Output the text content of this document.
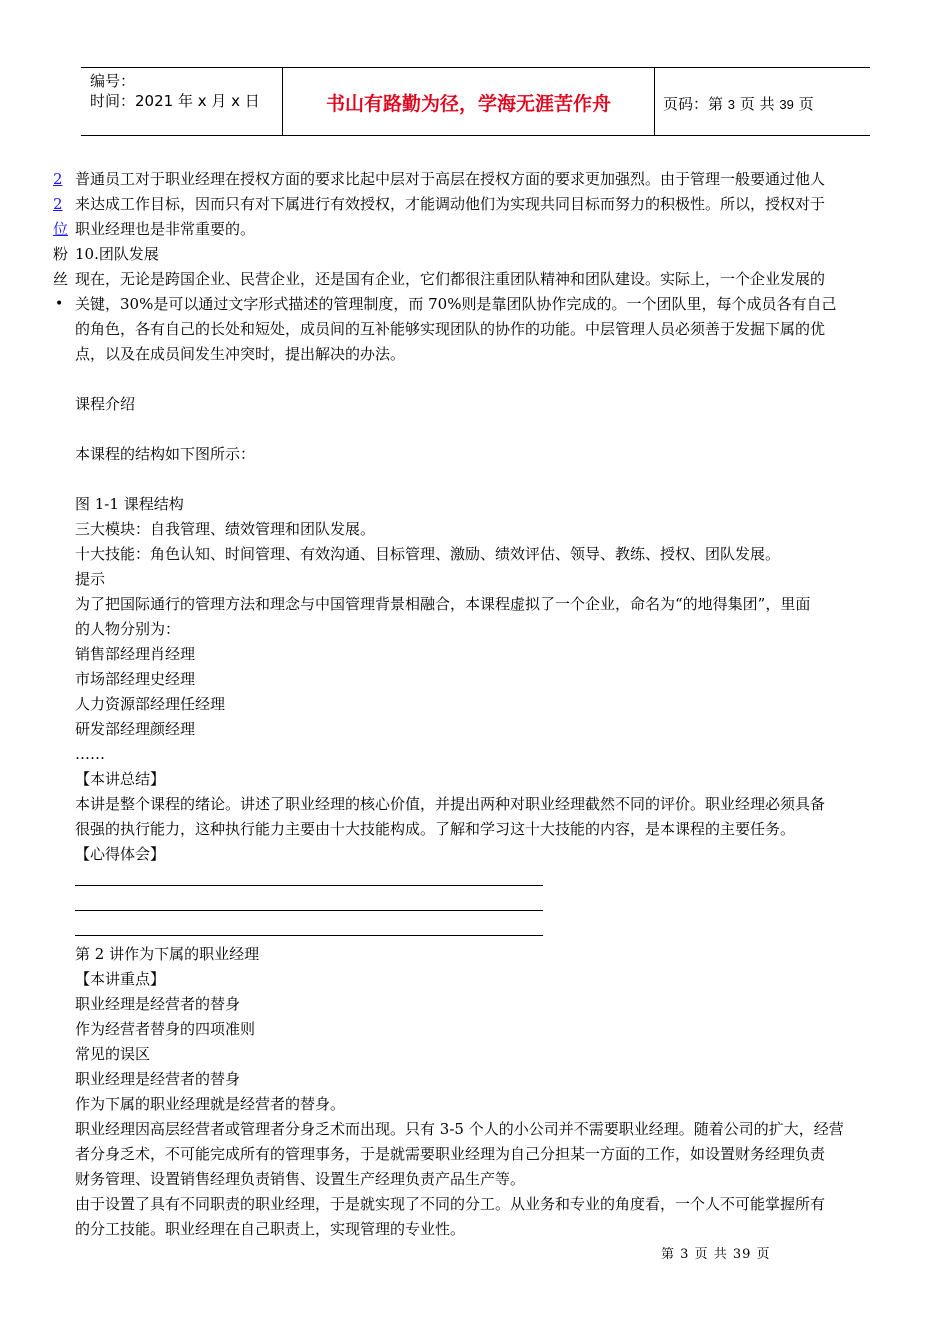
编号：
时间：2021 年 x 月 x 日	书山有路勤为径，学海无涯苦作舟	页码：第 3 页 共 39 页
2
2
位
粉
丝
•

普通员工对于职业经理在授权方面的要求比起中层对于高层在授权方面的要求更加强烈。由于管理一般要通过他人

来达成工作目标，因而只有对下属进行有效授权，才能调动他们为实现共同目标而努力的积极性。所以，授权对于

职业经理也是非常重要的。

10.团队发展

现在，无论是跨国企业、民营企业，还是国有企业，它们都很注重团队精神和团队建设。实际上，一个企业发展的

关键，30%是可以通过文字形式描述的管理制度，而 70%则是靠团队协作完成的。一个团队里，每个成员各有自己

的角色，各有自己的长处和短处，成员间的互补能够实现团队的协作的功能。中层管理人员必须善于发掘下属的优

点，以及在成员间发生冲突时，提出解决的办法。

课程介绍

本课程的结构如下图所示：

图 1-1 课程结构

三大模块：自我管理、绩效管理和团队发展。

十大技能：角色认知、时间管理、有效沟通、目标管理、激励、绩效评估、领导、教练、授权、团队发展。

提示

为了把国际通行的管理方法和理念与中国管理背景相融合，本课程虚拟了一个企业，命名为“的地得集团”，里面

的人物分别为：

销售部经理肖经理

市场部经理史经理

人力资源部经理任经理

研发部经理颜经理

……

【本讲总结】

本讲是整个课程的绪论。讲述了职业经理的核心价值，并提出两种对职业经理截然不同的评价。职业经理必须具备

很强的执行能力，这种执行能力主要由十大技能构成。了解和学习这十大技能的内容，是本课程的主要任务。

【心得体会】

第 2 讲作为下属的职业经理

【本讲重点】

职业经理是经营者的替身

作为经营者替身的四项准则

常见的误区

职业经理是经营者的替身

作为下属的职业经理就是经营者的替身。

职业经理因高层经营者或管理者分身乏术而出现。只有 3-5 个人的小公司并不需要职业经理。随着公司的扩大，经营

者分身乏术，不可能完成所有的管理事务，于是就需要职业经理为自己分担某一方面的工作，如设置财务经理负责

财务管理、设置销售经理负责销售、设置生产经理负责产品生产等。

由于设置了具有不同职责的职业经理，于是就实现了不同的分工。从业务和专业的角度看，一个人不可能掌握所有

的分工技能。职业经理在自己职责上，实现管理的专业性。

第 3 页 共 39 页
